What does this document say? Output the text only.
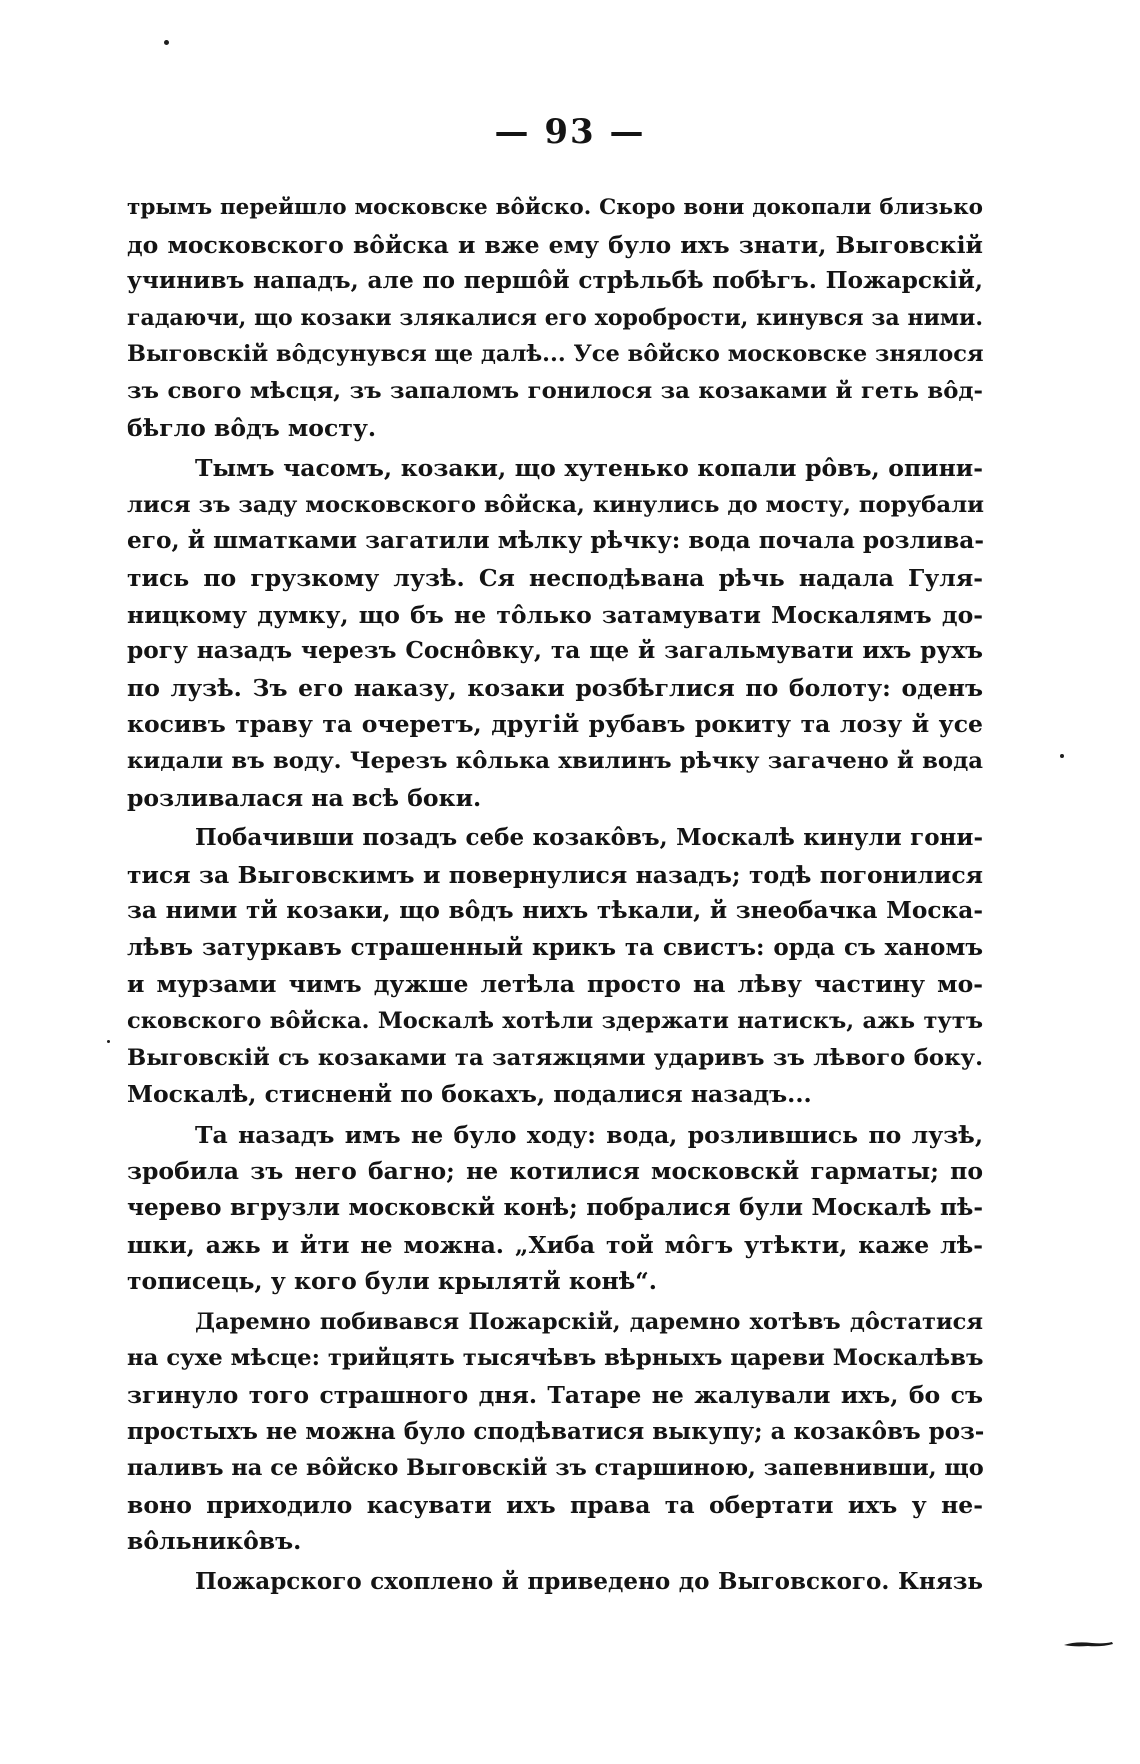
— 93 —
трымъ перейшло московске вôйско. Скоро вони докопали близько
до московского вôйска и вже ему було ихъ знати, Выговскій
учинивъ нападъ, але по першôй стрѣльбѣ побѣгъ. Пожарскій,
гадаючи, що козаки злякалися его хоробрости, кинувся за ними.
Выговскій вôдсунувся ще далѣ... Усе вôйско московске знялося
зъ свого мѣсця, зъ запаломъ гонилося за козаками й геть вôд-
бѣгло вôдъ мосту.
Тымъ часомъ, козаки, що хутенько копали рôвъ, опини-
лися зъ заду московского вôйска, кинулись до мосту, порубали
его, й шматками загатили мѣлку рѣчку: вода почала розлива-
тись по грузкому лузѣ. Ся несподѣвана рѣчь надала Гуля-
ницкому думку, що бъ не тôлько затамувати Москалямъ до-
рогу назадъ черезъ Соснôвку, та ще й загальмувати ихъ рухъ
по лузѣ. Зъ его наказу, козаки розбѣглися по болоту: оденъ
косивъ траву та очеретъ, другій рубавъ рокиту та лозу й усе
кидали въ воду. Черезъ кôлька хвилинъ рѣчку загачено й вода
розливалася на всѣ боки.
Побачивши позадъ себе козакôвъ, Москалѣ кинули гони-
тися за Выговскимъ и повернулися назадъ; тодѣ погонилися
за ними тй козаки, що вôдъ нихъ тѣкали, й знеобачка Моска-
лѣвъ затуркавъ страшенный крикъ та свистъ: орда съ ханомъ
и мурзами чимъ дужше летѣла просто на лѣву частину мо-
сковского вôйска. Москалѣ хотѣли здержати натискъ, ажь тутъ
Выговскій съ козаками та затяжцями ударивъ зъ лѣвого боку.
Москалѣ, стисненй по бокахъ, подалися назадъ...
Та назадъ имъ не було ходу: вода, розлившись по лузѣ,
зробила зъ него багно; не котилися московскй гарматы; по
черево вгрузли московскй конѣ; побралися були Москалѣ пѣ-
шки, ажь и йти не можна. „Хиба той мôгъ утѣкти, каже лѣ-
тописець, у кого були крылятй конѣ“.
Даремно побивався Пожарскій, даремно хотѣвъ дôстатися
на сухе мѣсце: трийцять тысячѣвъ вѣрныхъ цареви Москалѣвъ
згинуло того страшного дня. Татаре не жалували ихъ, бо съ
простыхъ не можна було сподѣватися выкупу; а козакôвъ роз-
паливъ на се вôйско Выговскій зъ старшиною, запевнивши, що
воно приходило касувати ихъ права та обертати ихъ у не-
вôльникôвъ.
Пожарского схоплено й приведено до Выговского. Князь
